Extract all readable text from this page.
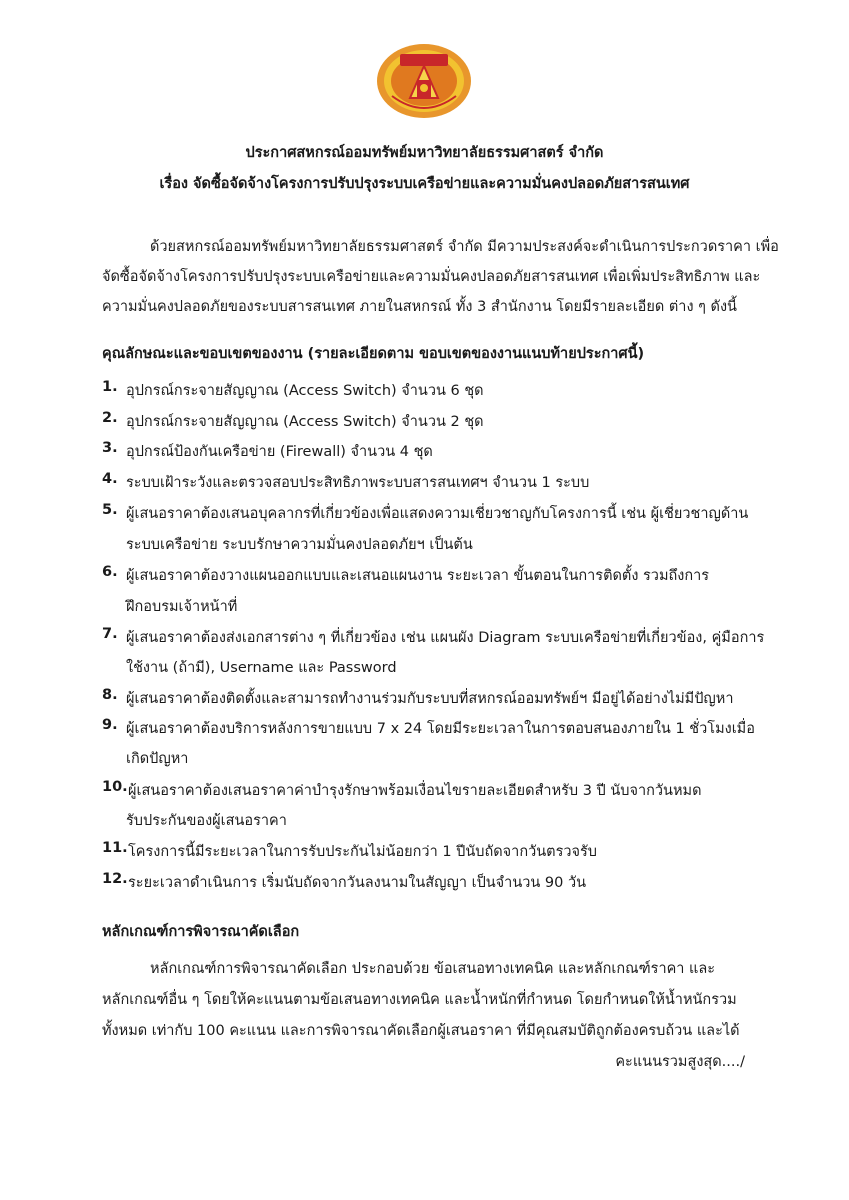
ประกาศสหกรณ์ออมทรัพย์มหาวิทยาลัยธรรมศาสตร์ จำกัด
เรื่อง จัดซื้อจัดจ้างโครงการปรับปรุงระบบเครือข่ายและความมั่นคงปลอดภัยสารสนเทศ
ด้วยสหกรณ์ออมทรัพย์มหาวิทยาลัยธรรมศาสตร์ จำกัด มีความประสงค์จะดำเนินการประกวดราคา เพื่อ
จัดซื้อจัดจ้างโครงการปรับปรุงระบบเครือข่ายและความมั่นคงปลอดภัยสารสนเทศ เพื่อเพิ่มประสิทธิภาพ และ
ความมั่นคงปลอดภัยของระบบสารสนเทศ ภายในสหกรณ์ ทั้ง 3 สำนักงาน โดยมีรายละเอียด ต่าง ๆ ดังนี้
คุณลักษณะและขอบเขตของงาน (รายละเอียดตาม ขอบเขตของงานแนบท้ายประกาศนี้)
1. อุปกรณ์กระจายสัญญาณ (Access Switch) จำนวน 6 ชุด
2. อุปกรณ์กระจายสัญญาณ (Access Switch) จำนวน 2 ชุด
3. อุปกรณ์ป้องกันเครือข่าย (Firewall) จำนวน 4 ชุด
4. ระบบเฝ้าระวังและตรวจสอบประสิทธิภาพระบบสารสนเทศฯ จำนวน 1 ระบบ
5. ผู้เสนอราคาต้องเสนอบุคลากรที่เกี่ยวข้องเพื่อแสดงความเชี่ยวชาญกับโครงการนี้ เช่น ผู้เชี่ยวชาญด้าน
ระบบเครือข่าย ระบบรักษาความมั่นคงปลอดภัยฯ เป็นต้น
6. ผู้เสนอราคาต้องวางแผนออกแบบและเสนอแผนงาน ระยะเวลา ขั้นตอนในการติดตั้ง รวมถึงการ
ฝึกอบรมเจ้าหน้าที่
7. ผู้เสนอราคาต้องส่งเอกสารต่าง ๆ ที่เกี่ยวข้อง เช่น แผนผัง Diagram ระบบเครือข่ายที่เกี่ยวข้อง, คู่มือการ
ใช้งาน (ถ้ามี), Username และ Password
8. ผู้เสนอราคาต้องติดตั้งและสามารถทำงานร่วมกับระบบที่สหกรณ์ออมทรัพย์ฯ มีอยู่ได้อย่างไม่มีปัญหา
9. ผู้เสนอราคาต้องบริการหลังการขายแบบ 7 x 24 โดยมีระยะเวลาในการตอบสนองภายใน 1 ชั่วโมงเมื่อ
เกิดปัญหา
10. ผู้เสนอราคาต้องเสนอราคาค่าบำรุงรักษาพร้อมเงื่อนไขรายละเอียดสำหรับ 3 ปี นับจากวันหมด
รับประกันของผู้เสนอราคา
11. โครงการนี้มีระยะเวลาในการรับประกันไม่น้อยกว่า 1 ปีนับถัดจากวันตรวจรับ
12. ระยะเวลาดำเนินการ เริ่มนับถัดจากวันลงนามในสัญญา เป็นจำนวน 90 วัน
หลักเกณฑ์การพิจารณาคัดเลือก
หลักเกณฑ์การพิจารณาคัดเลือก ประกอบด้วย ข้อเสนอทางเทคนิค และหลักเกณฑ์ราคา และ
หลักเกณฑ์อื่น ๆ โดยให้คะแนนตามข้อเสนอทางเทคนิค และน้ำหนักที่กำหนด โดยกำหนดให้น้ำหนักรวม
ทั้งหมด เท่ากับ 100 คะแนน และการพิจารณาคัดเลือกผู้เสนอราคา ที่มีคุณสมบัติถูกต้องครบถ้วน และได้
คะแนนรวมสูงสุด..../
